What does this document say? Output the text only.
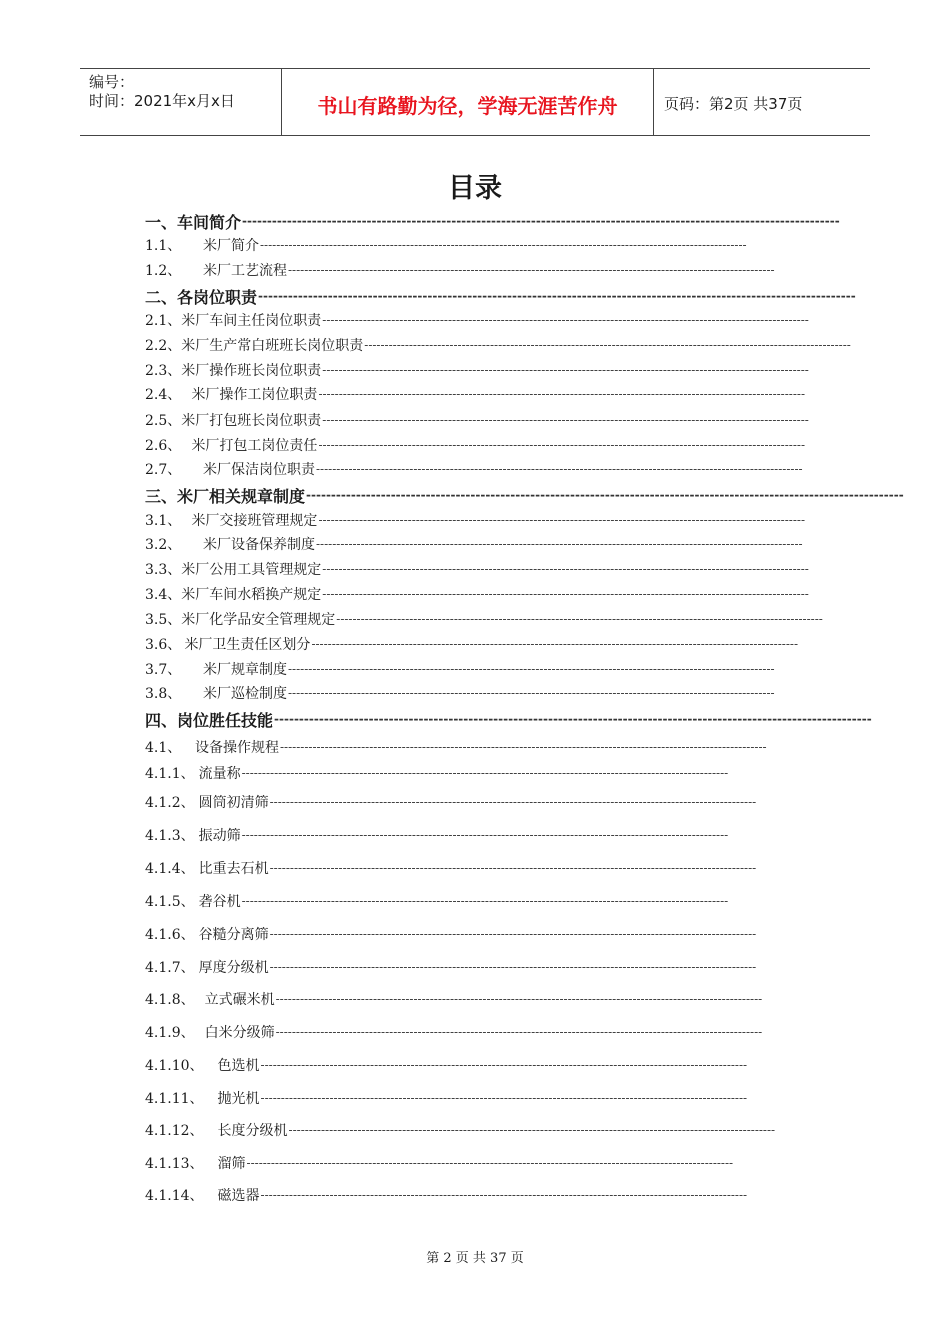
编号：
时间：2021年x月x日	书山有路勤为径，学海无涯苦作舟	页码：第2页 共37页
目录
一、 车间简介 ------------------------------------------------------------------------------------------------------------------------
1.1、	米厂简介 ------------------------------------------------------------------------------------------------------------------------
1.2、	米厂工艺流程 ------------------------------------------------------------------------------------------------------------------------
二、 各岗位职责 ------------------------------------------------------------------------------------------------------------------------
2.1、 米厂车间主任岗位职责 ------------------------------------------------------------------------------------------------------------------------
2.2、 米厂生产常白班班长岗位职责 ------------------------------------------------------------------------------------------------------------------------
2.3、 米厂操作班长岗位职责 ------------------------------------------------------------------------------------------------------------------------
2.4、 米厂操作工岗位职责 ------------------------------------------------------------------------------------------------------------------------
2.5、 米厂打包班长岗位职责 ------------------------------------------------------------------------------------------------------------------------
2.6、 米厂打包工岗位责任 ------------------------------------------------------------------------------------------------------------------------
2.7、	米厂保洁岗位职责 ------------------------------------------------------------------------------------------------------------------------
三、 米厂相关规章制度 ------------------------------------------------------------------------------------------------------------------------
3.1、 米厂交接班管理规定 ------------------------------------------------------------------------------------------------------------------------
3.2、	米厂设备保养制度 ------------------------------------------------------------------------------------------------------------------------
3.3、 米厂公用工具管理规定 ------------------------------------------------------------------------------------------------------------------------
3.4、 米厂车间水稻换产规定 ------------------------------------------------------------------------------------------------------------------------
3.5、 米厂化学品安全管理规定 ------------------------------------------------------------------------------------------------------------------------
3.6、 米厂卫生责任区划分 ------------------------------------------------------------------------------------------------------------------------
3.7、	米厂规章制度 ------------------------------------------------------------------------------------------------------------------------
3.8、	米厂巡检制度 ------------------------------------------------------------------------------------------------------------------------
四、 岗位胜任技能 ------------------------------------------------------------------------------------------------------------------------
4.1、 设备操作规程 ------------------------------------------------------------------------------------------------------------------------
4.1.1、 流量称 ------------------------------------------------------------------------------------------------------------------------
4.1.2、 圆筒初清筛 ------------------------------------------------------------------------------------------------------------------------
4.1.3、 振动筛 ------------------------------------------------------------------------------------------------------------------------
4.1.4、 比重去石机 ------------------------------------------------------------------------------------------------------------------------
4.1.5、 砻谷机 ------------------------------------------------------------------------------------------------------------------------
4.1.6、 谷糙分离筛 ------------------------------------------------------------------------------------------------------------------------
4.1.7、 厚度分级机 ------------------------------------------------------------------------------------------------------------------------
4.1.8、 立式碾米机 ------------------------------------------------------------------------------------------------------------------------
4.1.9、 白米分级筛 ------------------------------------------------------------------------------------------------------------------------
4.1.10、 色选机 ------------------------------------------------------------------------------------------------------------------------
4.1.11、 抛光机 ------------------------------------------------------------------------------------------------------------------------
4.1.12、 长度分级机 ------------------------------------------------------------------------------------------------------------------------
4.1.13、 溜筛 ------------------------------------------------------------------------------------------------------------------------
4.1.14、 磁选器 ------------------------------------------------------------------------------------------------------------------------
第 2 页 共 37 页
